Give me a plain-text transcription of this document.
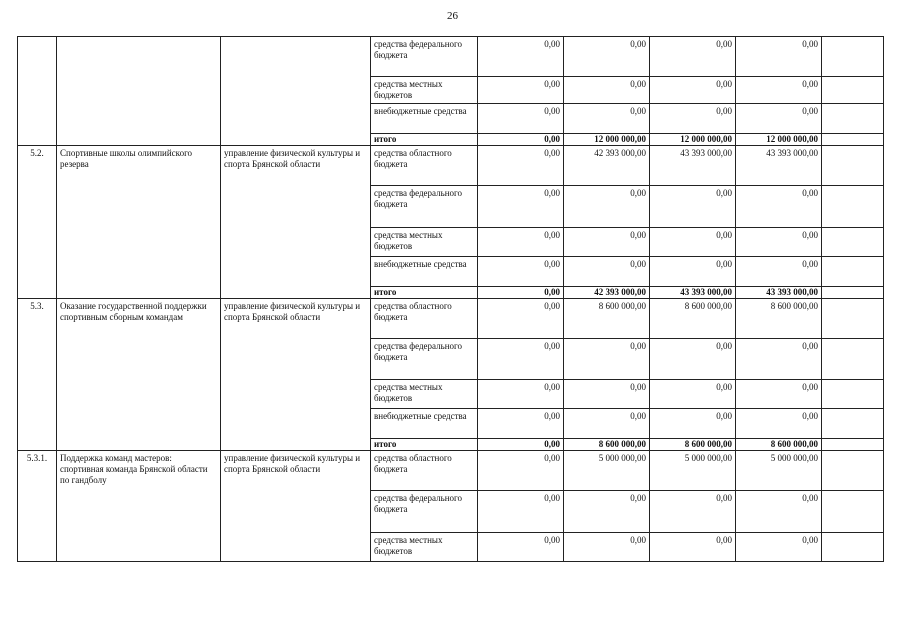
26
			средства федерального бюджета	0,00	0,00	0,00	0,00	
			средства местных бюджетов	0,00	0,00	0,00	0,00	
			внебюджетные средства	0,00	0,00	0,00	0,00	
			итого	0,00	12 000 000,00	12 000 000,00	12 000 000,00	
5.2.	Спортивные школы олимпийского резерва	управление физической культуры и спорта Брянской области	средства областного бюджета	0,00	42 393 000,00	43 393 000,00	43 393 000,00	
			средства федерального бюджета	0,00	0,00	0,00	0,00	
			средства местных бюджетов	0,00	0,00	0,00	0,00	
			внебюджетные средства	0,00	0,00	0,00	0,00	
			итого	0,00	42 393 000,00	43 393 000,00	43 393 000,00	
5.3.	Оказание государственной поддержки спортивным сборным командам	управление физической культуры и спорта Брянской области	средства областного бюджета	0,00	8 600 000,00	8 600 000,00	8 600 000,00	
			средства федерального бюджета	0,00	0,00	0,00	0,00	
			средства местных бюджетов	0,00	0,00	0,00	0,00	
			внебюджетные средства	0,00	0,00	0,00	0,00	
			итого	0,00	8 600 000,00	8 600 000,00	8 600 000,00	
5.3.1.	Поддержка команд мастеров: спортивная команда Брянской области по гандболу	управление физической культуры и спорта Брянской области	средства областного бюджета	0,00	5 000 000,00	5 000 000,00	5 000 000,00	
			средства федерального бюджета	0,00	0,00	0,00	0,00	
			средства местных бюджетов	0,00	0,00	0,00	0,00	
